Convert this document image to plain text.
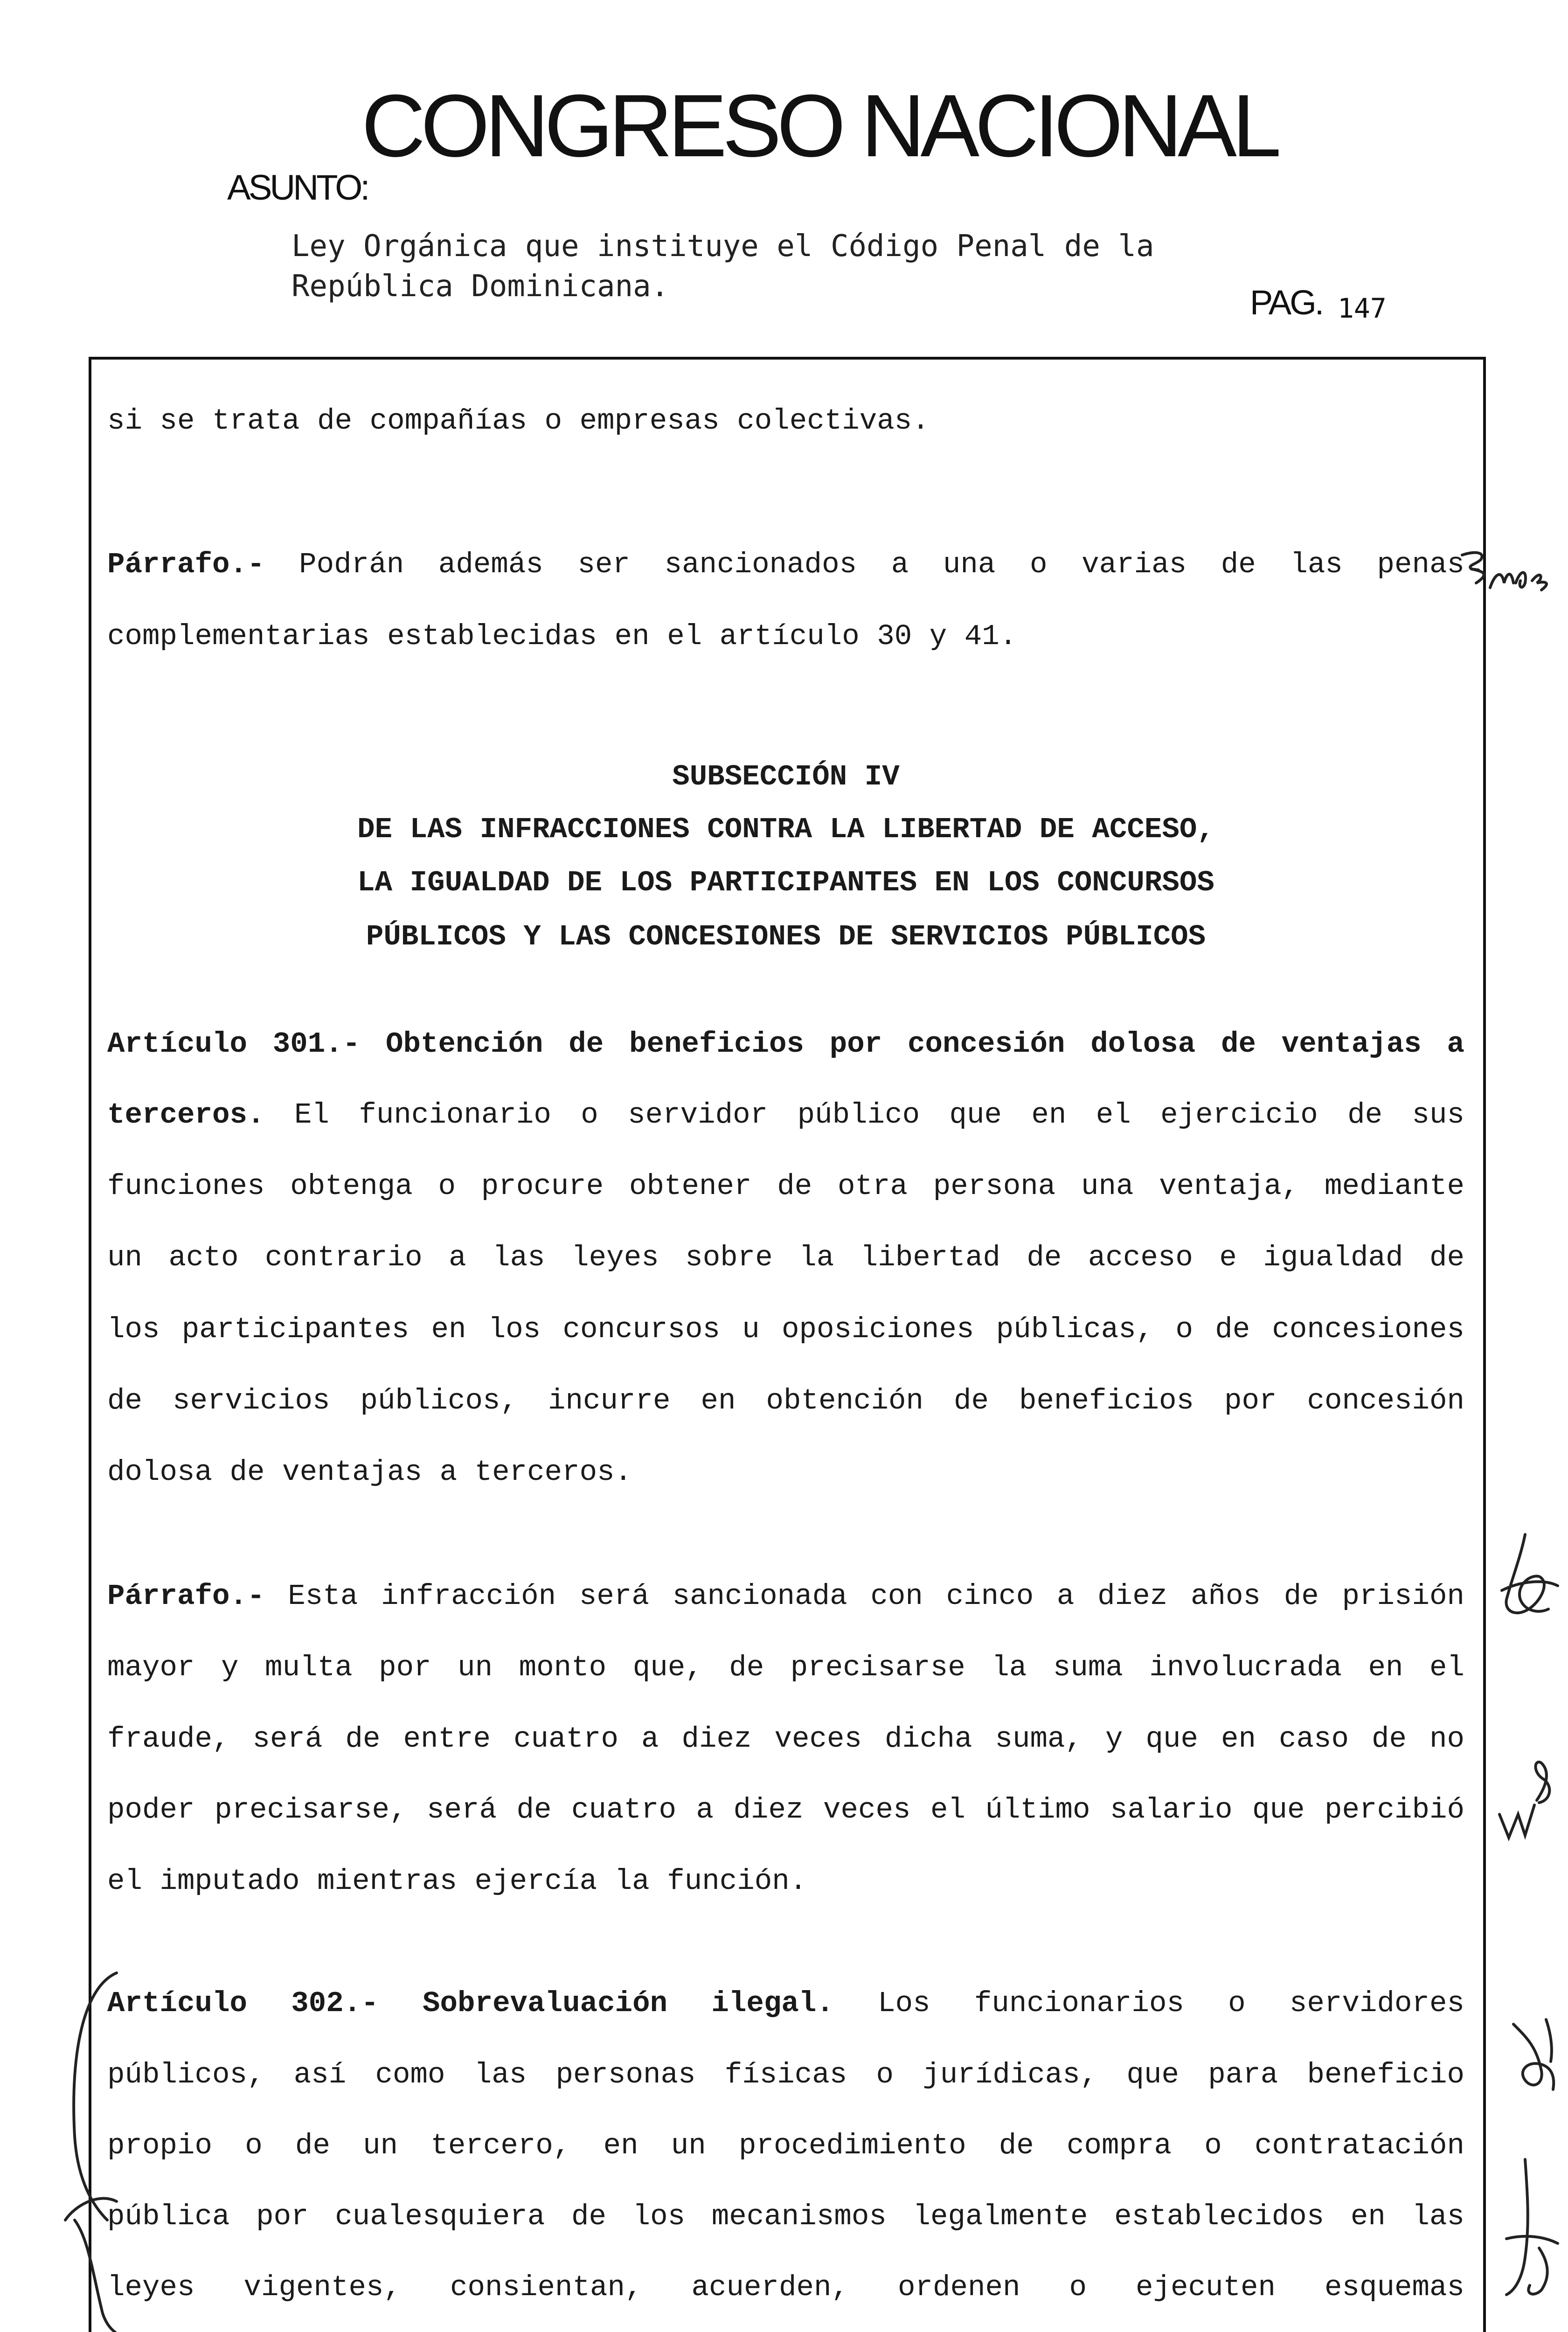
CONGRESO NACIONAL
ASUNTO:
Ley Orgánica que instituye el Código Penal de la
República Dominicana.	PAG. 147
si se trata de compañías o empresas colectivas.
Párrafo.- Podrán además ser sancionados a una o varias de las penas
complementarias establecidas en el artículo 30 y 41.
SUBSECCIÓN IV
DE LAS INFRACCIONES CONTRA LA LIBERTAD DE ACCESO,
LA IGUALDAD DE LOS PARTICIPANTES EN LOS CONCURSOS
PÚBLICOS Y LAS CONCESIONES DE SERVICIOS PÚBLICOS
Artículo 301.- Obtención de beneficios por concesión dolosa de ventajas a
terceros. El funcionario o servidor público que en el ejercicio de sus
funciones obtenga o procure obtener de otra persona una ventaja, mediante
un acto contrario a las leyes sobre la libertad de acceso e igualdad de
los participantes en los concursos u oposiciones públicas, o de concesiones
de servicios públicos, incurre en obtención de beneficios por concesión
dolosa de ventajas a terceros.
Párrafo.- Esta infracción será sancionada con cinco a diez años de prisión
mayor y multa por un monto que, de precisarse la suma involucrada en el
fraude, será de entre cuatro a diez veces dicha suma, y que en caso de no
poder precisarse, será de cuatro a diez veces el último salario que percibió
el imputado mientras ejercía la función.
Artículo 302.- Sobrevaluación ilegal. Los funcionarios o servidores
públicos, así como las personas físicas o jurídicas, que para beneficio
propio o de un tercero, en un procedimiento de compra o contratación
pública por cualesquiera de los mecanismos legalmente establecidos en las
leyes vigentes, consientan, acuerden, ordenen o ejecuten esquemas
